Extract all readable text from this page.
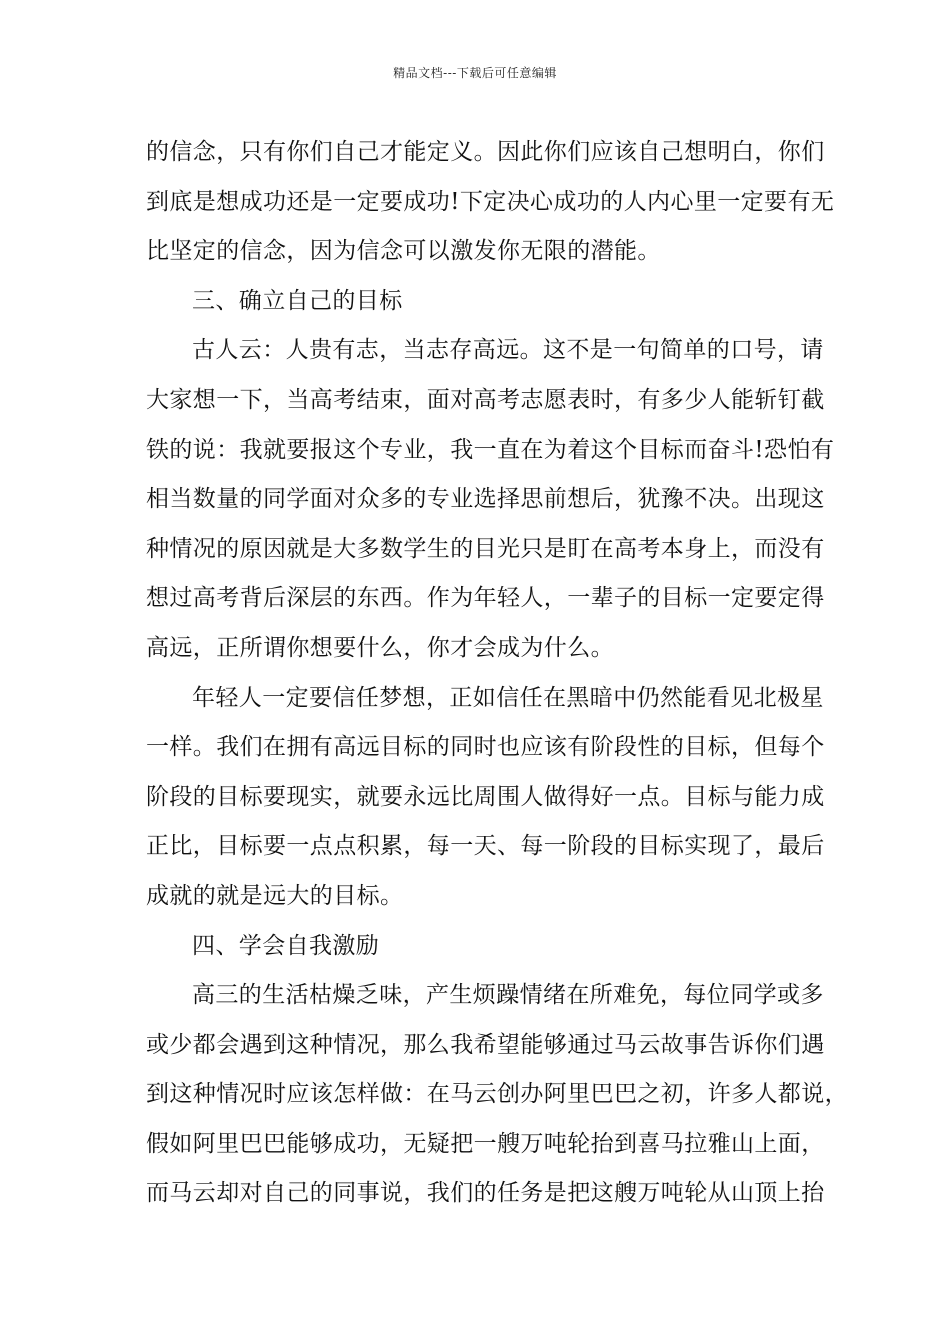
精品文档---下载后可任意编辑
的信念，只有你们自己才能定义。因此你们应该自己想明白，你们
到底是想成功还是一定要成功!下定决心成功的人内心里一定要有无
比坚定的信念，因为信念可以激发你无限的潜能。
三、确立自己的目标
古人云：人贵有志，当志存高远。这不是一句简单的口号，请
大家想一下，当高考结束，面对高考志愿表时，有多少人能斩钉截
铁的说：我就要报这个专业，我一直在为着这个目标而奋斗!恐怕有
相当数量的同学面对众多的专业选择思前想后，犹豫不决。出现这
种情况的原因就是大多数学生的目光只是盯在高考本身上，而没有
想过高考背后深层的东西。作为年轻人，一辈子的目标一定要定得
高远，正所谓你想要什么，你才会成为什么。
年轻人一定要信任梦想，正如信任在黑暗中仍然能看见北极星
一样。我们在拥有高远目标的同时也应该有阶段性的目标，但每个
阶段的目标要现实，就要永远比周围人做得好一点。目标与能力成
正比，目标要一点点积累，每一天、每一阶段的目标实现了，最后
成就的就是远大的目标。
四、学会自我激励
高三的生活枯燥乏味，产生烦躁情绪在所难免，每位同学或多
或少都会遇到这种情况，那么我希望能够通过马云故事告诉你们遇
到这种情况时应该怎样做：在马云创办阿里巴巴之初，许多人都说，
假如阿里巴巴能够成功，无疑把一艘万吨轮抬到喜马拉雅山上面，
而马云却对自己的同事说，我们的任务是把这艘万吨轮从山顶上抬
